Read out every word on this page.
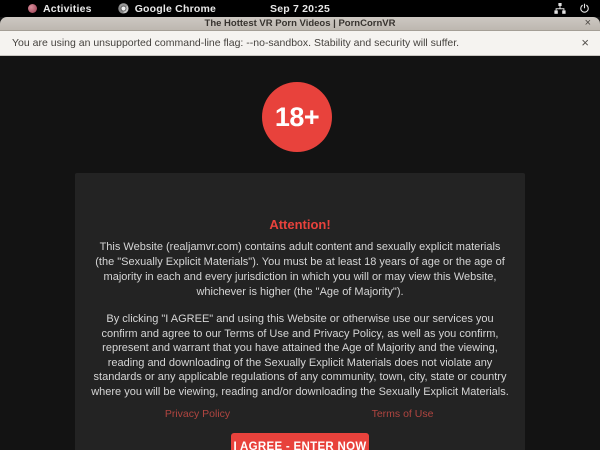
Activities	Google Chrome	Sep 7 20:25
The Hottest VR Porn Videos | PornCornVR	×
You are using an unsupported command-line flag: --no-sandbox. Stability and security will suffer.	×
Attention!

This Website (realjamvr.com) contains adult content and sexually explicit materials (the "Sexually Explicit Materials"). You must be at least 18 years of age or the age of majority in each and every jurisdiction in which you will or may view this Website, whichever is higher (the "Age of Majority").

By clicking "I AGREE" and using this Website or otherwise use our services you confirm and agree to our Terms of Use and Privacy Policy, as well as you confirm, represent and warrant that you have attained the Age of Majority and the viewing, reading and downloading of the Sexually Explicit Materials does not violate any standards or any applicable regulations of any community, town, city, state or country where you will be viewing, reading and/or downloading the Sexually Explicit Materials.

Privacy Policy	Terms of Use
I AGREE - ENTER NOW
18+
